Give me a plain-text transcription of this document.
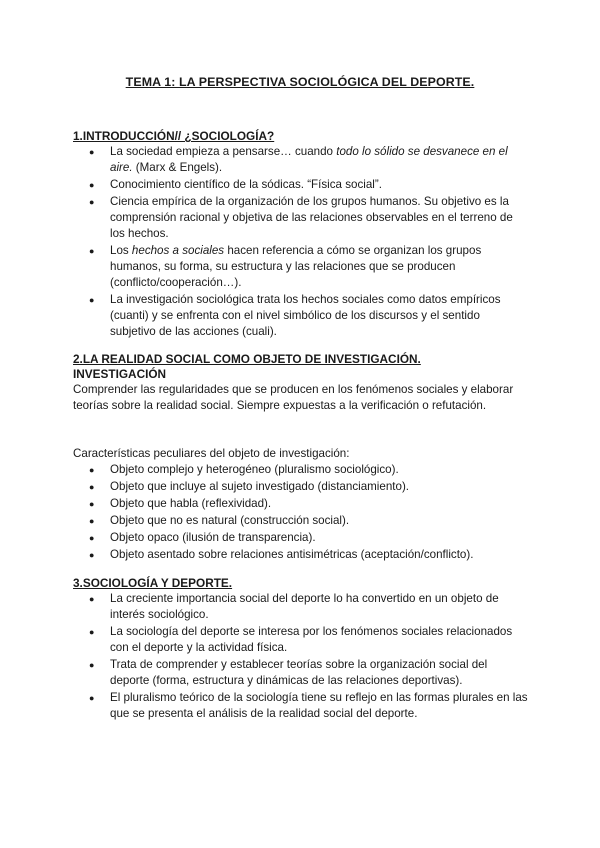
TEMA 1: LA PERSPECTIVA SOCIOLÓGICA DEL DEPORTE.
1.INTRODUCCIÓN// ¿SOCIOLOGÍA?
● La sociedad empieza a pensarse… cuando todo lo sólido se desvanece en el aire. (Marx & Engels).
● Conocimiento científico de la sódicas. “Física social”.
● Ciencia empírica de la organización de los grupos humanos. Su objetivo es la comprensión racional y objetiva de las relaciones observables en el terreno de los hechos.
● Los hechos a sociales hacen referencia a cómo se organizan los grupos humanos, su forma, su estructura y las relaciones que se producen (conflicto/cooperación…).
● La investigación sociológica trata los hechos sociales como datos empíricos (cuanti) y se enfrenta con el nivel simbólico de los discursos y el sentido subjetivo de las acciones (cuali).
2.LA REALIDAD SOCIAL COMO OBJETO DE INVESTIGACIÓN.
INVESTIGACIÓN
Comprender las regularidades que se producen en los fenómenos sociales y elaborar teorías sobre la realidad social. Siempre expuestas a la verificación o refutación.
Características peculiares del objeto de investigación:
● Objeto complejo y heterogéneo (pluralismo sociológico).
● Objeto que incluye al sujeto investigado (distanciamiento).
● Objeto que habla (reflexividad).
● Objeto que no es natural (construcción social).
● Objeto opaco (ilusión de transparencia).
● Objeto asentado sobre relaciones antisimétricas (aceptación/conflicto).
3.SOCIOLOGÍA Y DEPORTE.
● La creciente importancia social del deporte lo ha convertido en un objeto de interés sociológico.
● La sociología del deporte se interesa por los fenómenos sociales relacionados con el deporte y la actividad física.
● Trata de comprender y establecer teorías sobre la organización social del deporte (forma, estructura y dinámicas de las relaciones deportivas).
● El pluralismo teórico de la sociología tiene su reflejo en las formas plurales en las que se presenta el análisis de la realidad social del deporte.
